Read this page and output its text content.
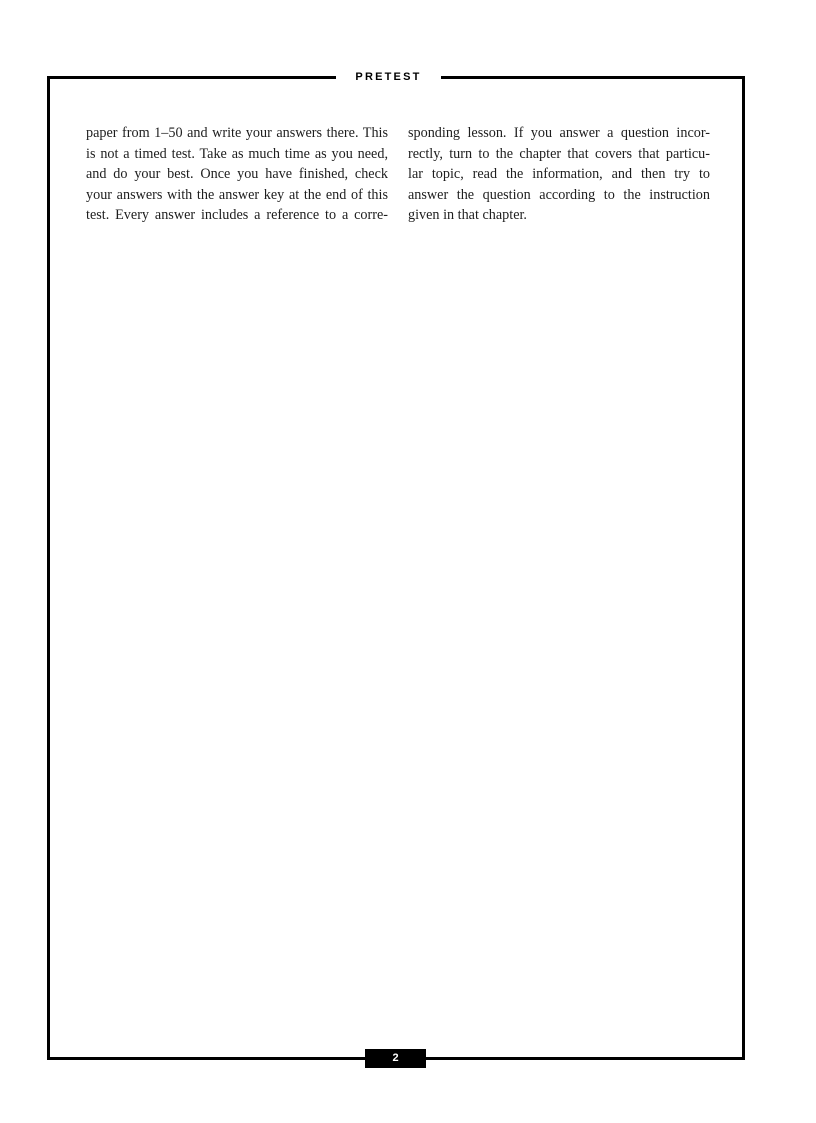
PRETEST
2
paper from 1–50 and write your answers there. This
is not a timed test. Take as much time as you need,
and do your best. Once you have finished, check
your answers with the answer key at the end of this
test. Every answer includes a reference to a corre-
sponding lesson. If you answer a question incor-
rectly, turn to the chapter that covers that particu-
lar topic, read the information, and then try to
answer the question according to the instruction
given in that chapter.
